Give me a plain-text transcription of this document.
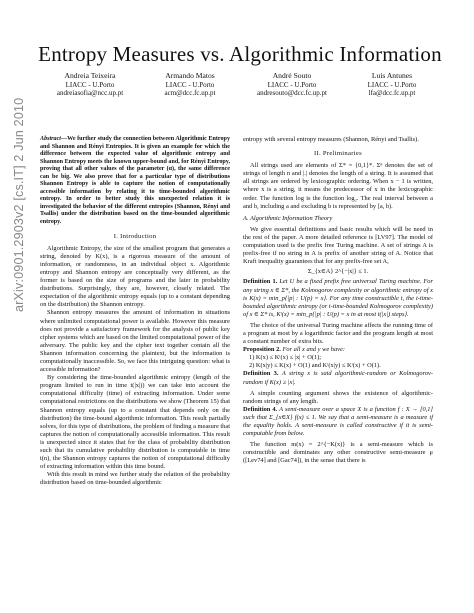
arXiv:0901.2903v2 [cs.IT] 2 Jun 2010
Entropy Measures vs. Algorithmic Information
Andreia Teixeira
LIACC - U.Porto
andreiasofia@ncc.up.pt
Armando Matos
LIACC - U.Porto
acm@dcc.fc.up.pt
André Souto
LIACC - U.Porto
andresouto@dcc.fc.up.pt
Luís Antunes
LIACC - U.Porto
lfa@dcc.fc.up.pt

Abstract—We further study the connection between Algorithmic Entropy and Shannon and Rényi Entropies. It is given an example for which the difference between the expected value of algorithmic entropy and Shannon Entropy meets the known upper-bound and, for Rényi Entropy, proving that all other values of the parameter (α), the same difference can be big. We also prove that for a particular type of distributions Shannon Entropy is able to capture the notion of computationally accessible information by relating it to time-bounded algorithmic entropy. In order to better study this unexpected relation it is investigated the behavior of the different entropies (Shannon, Rényi and Tsallis) under the distribution based on the time-bounded algorithmic entropy.

I. Introduction

Algorithmic Entropy, the size of the smallest program that generates a string, denoted by K(x), is a rigorous measure of the amount of information, or randomness, in an individual object x. Algorithmic entropy and Shannon entropy are conceptually very different, as the former is based on the size of programs and the later in probability distributions. Surprisingly, they are, however, closely related. The expectation of the algorithmic entropy equals (up to a constant depending on the distribution) the Shannon entropy.

Shannon entropy measures the amount of information in situations where unlimited computational power is available. However this measure does not provide a satisfactory framework for the analysis of public key cipher systems which are based on the limited computational power of the adversary. The public key and the cipher text together contain all the Shannon information concerning the plaintext, but the information is computationally inaccessible. So, we face this intriguing question: what is accessible information?

By considering the time-bounded algorithmic entropy (length of the program limited to run in time t(|x|)) we can take into account the computational difficulty (time) of extracting information. Under some computational restrictions on the distributions we show (Theorem 15) that Shannon entropy equals (up to a constant that depends only on the distribution) the time-bound algorithmic information. This result partially solves, for this type of distributions, the problem of finding a measure that captures the notion of computationally accessible information. This result is unexpected since it states that for the class of probability distribution such that its cumulative probability distribution is computable in time t(n), the Shannon entropy captures the notion of computational difficulty of extracting information within this time bound.

With this result in mind we further study the relation of the probability distribution based on time-bounded algorithmic

entropy with several entropy measures (Shannon, Rényi and Tsallis).

II. Preliminaries

All strings used are elements of Σ* = {0,1}*. Σⁿ denotes the set of strings of length n and |.| denotes the length of a string. It is assumed that all strings are ordered by lexicographic ordering. When x − 1 is written, where x is a string, it means the predecessor of x in the lexicographic order. The function log is the function log₂. The real interval between a and b, including a and excluding b is represented by [a, b).

A. Algorithmic Information Theory

We give essential definitions and basic results which will be need in the rest of the paper. A more detailed reference is [LV97]. The model of computation used is the prefix free Turing machine. A set of strings A is prefix-free if no string in A is prefix of another string of A. Notice that Kraft inequality guarantees that for any prefix-free set A,

Σ_{x∈A} 2^{−|x|} ≤ 1.

Definition 1. Let U be a fixed prefix free universal Turing machine. For any string x ∈ Σ*, the Kolmogorov complexity or algorithmic entropy of x is K(x) = min_p{|p| : U(p) = x}. For any time constructible t, the t-time-bounded algorithmic entropy (or t-time-bounded Kolmogorov complexity) of x ∈ Σ* is, Kᵗ(x) = min_p{|p| : U(p) = x in at most t(|x|) steps}.

The choice of the universal Turing machine affects the running time of a program at most by a logarithmic factor and the program length at most a constant number of extra bits.

Proposition 2. For all x and y we have:

1) K(x) ≤ Kᵗ(x) ≤ |x| + O(1);
2) K(x|y) ≤ K(x) + O(1) and Kᵗ(x|y) ≤ Kᵗ(x) + O(1).

Definition 3. A string x is said algorithmic-random or Kolmogorov-random if K(x) ≥ |x|.

A simple counting argument shows the existence of algorithmic-random strings of any length.

Definition 4. A semi-measure over a space X is a function f : X → [0,1] such that Σ_{x∈X} f(x) ≤ 1. We say that a semi-measure is a measure if the equality holds. A semi-measure is called constructive if it is semi-computable from below.

The function m(x) = 2^{−K(x)} is a semi-measure which is constructible and dominates any other constructive semi-measure μ ([Lev74] and [Gac74]), in the sense that there is
